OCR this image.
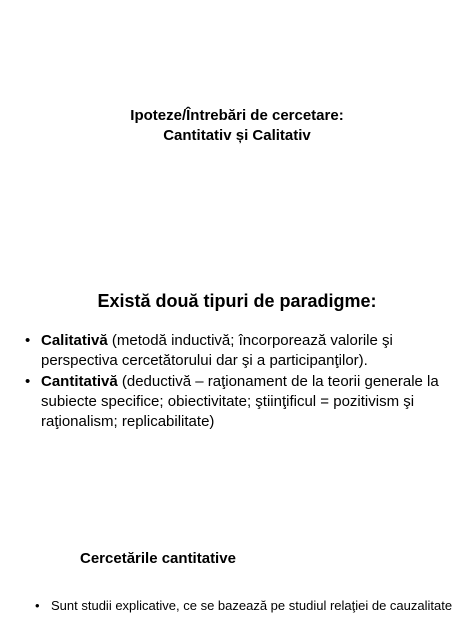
Ipoteze/Întrebări de cercetare:
Cantitativ și Calitativ
Există două tipuri de paradigme:
• Calitativă (metodă inductivă; încorporează valorile şi perspectiva cercetătorului dar şi a participanţilor).
• Cantitativă (deductivă – raţionament de la teorii generale la subiecte specifice; obiectivitate; ştiinţificul = pozitivism şi raţionalism; replicabilitate)
Cercetările cantitative
• Sunt studii explicative, ce se bazează pe studiul relaţiei de cauzalitate
